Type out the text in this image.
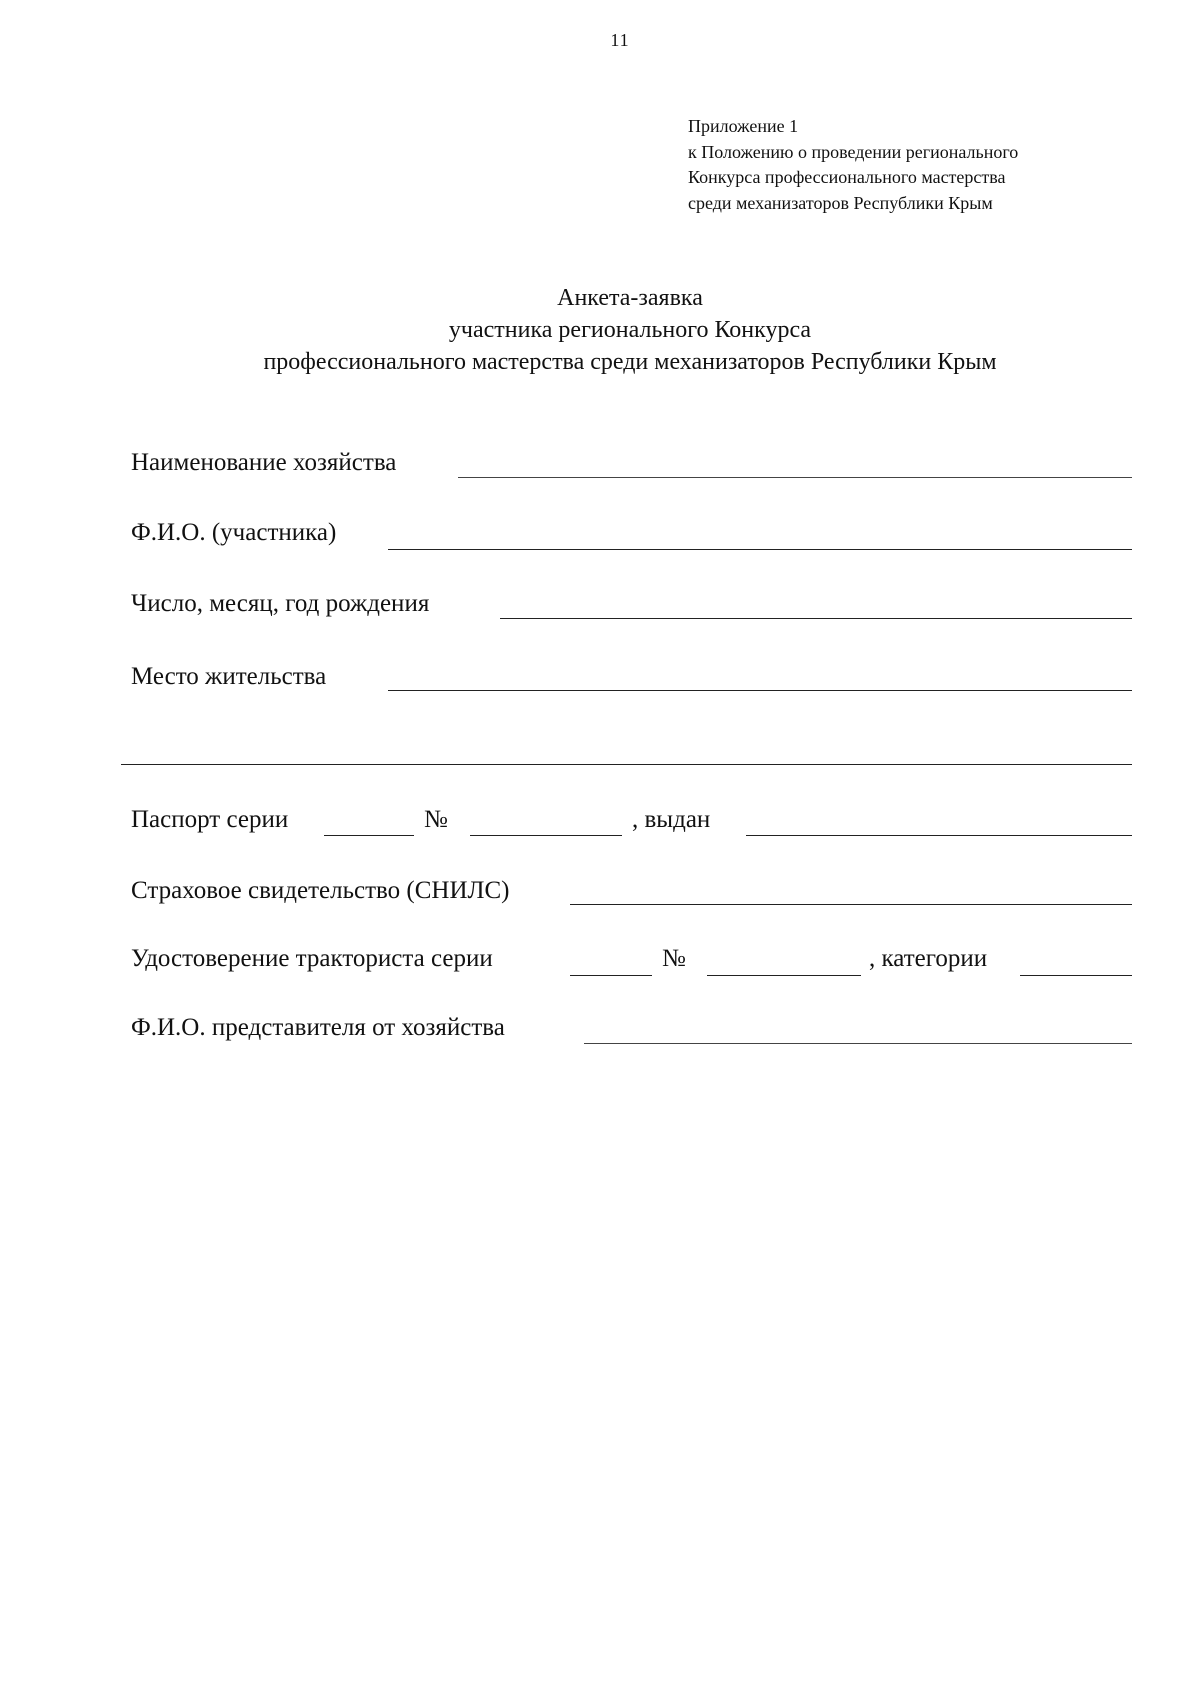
11
Приложение 1
к Положению о проведении регионального
Конкурса профессионального мастерства
среди механизаторов Республики Крым
Анкета-заявка
участника регионального Конкурса
профессионального мастерства среди механизаторов Республики Крым
Наименование хозяйства
Ф.И.О. (участника)
Число, месяц, год рождения
Место жительства
Паспорт серии	№	, выдан
Страховое свидетельство (СНИЛС)
Удостоверение тракториста серии	№	, категории
Ф.И.О. представителя от хозяйства
